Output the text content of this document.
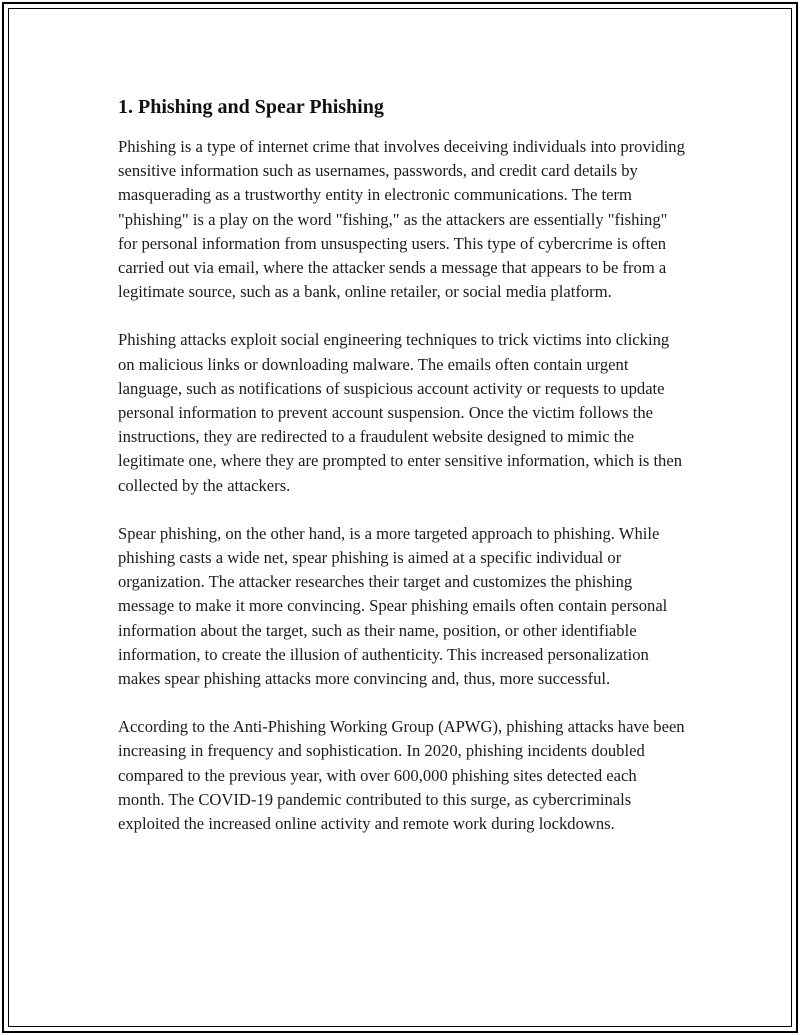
1. Phishing and Spear Phishing

Phishing is a type of internet crime that involves deceiving individuals into providing sensitive information such as usernames, passwords, and credit card details by masquerading as a trustworthy entity in electronic communications. The term "phishing" is a play on the word "fishing," as the attackers are essentially "fishing" for personal information from unsuspecting users. This type of cybercrime is often carried out via email, where the attacker sends a message that appears to be from a legitimate source, such as a bank, online retailer, or social media platform.

Phishing attacks exploit social engineering techniques to trick victims into clicking on malicious links or downloading malware. The emails often contain urgent language, such as notifications of suspicious account activity or requests to update personal information to prevent account suspension. Once the victim follows the instructions, they are redirected to a fraudulent website designed to mimic the legitimate one, where they are prompted to enter sensitive information, which is then collected by the attackers.

Spear phishing, on the other hand, is a more targeted approach to phishing. While phishing casts a wide net, spear phishing is aimed at a specific individual or organization. The attacker researches their target and customizes the phishing message to make it more convincing. Spear phishing emails often contain personal information about the target, such as their name, position, or other identifiable information, to create the illusion of authenticity. This increased personalization makes spear phishing attacks more convincing and, thus, more successful.

According to the Anti-Phishing Working Group (APWG), phishing attacks have been increasing in frequency and sophistication. In 2020, phishing incidents doubled compared to the previous year, with over 600,000 phishing sites detected each month. The COVID-19 pandemic contributed to this surge, as cybercriminals exploited the increased online activity and remote work during lockdowns.
